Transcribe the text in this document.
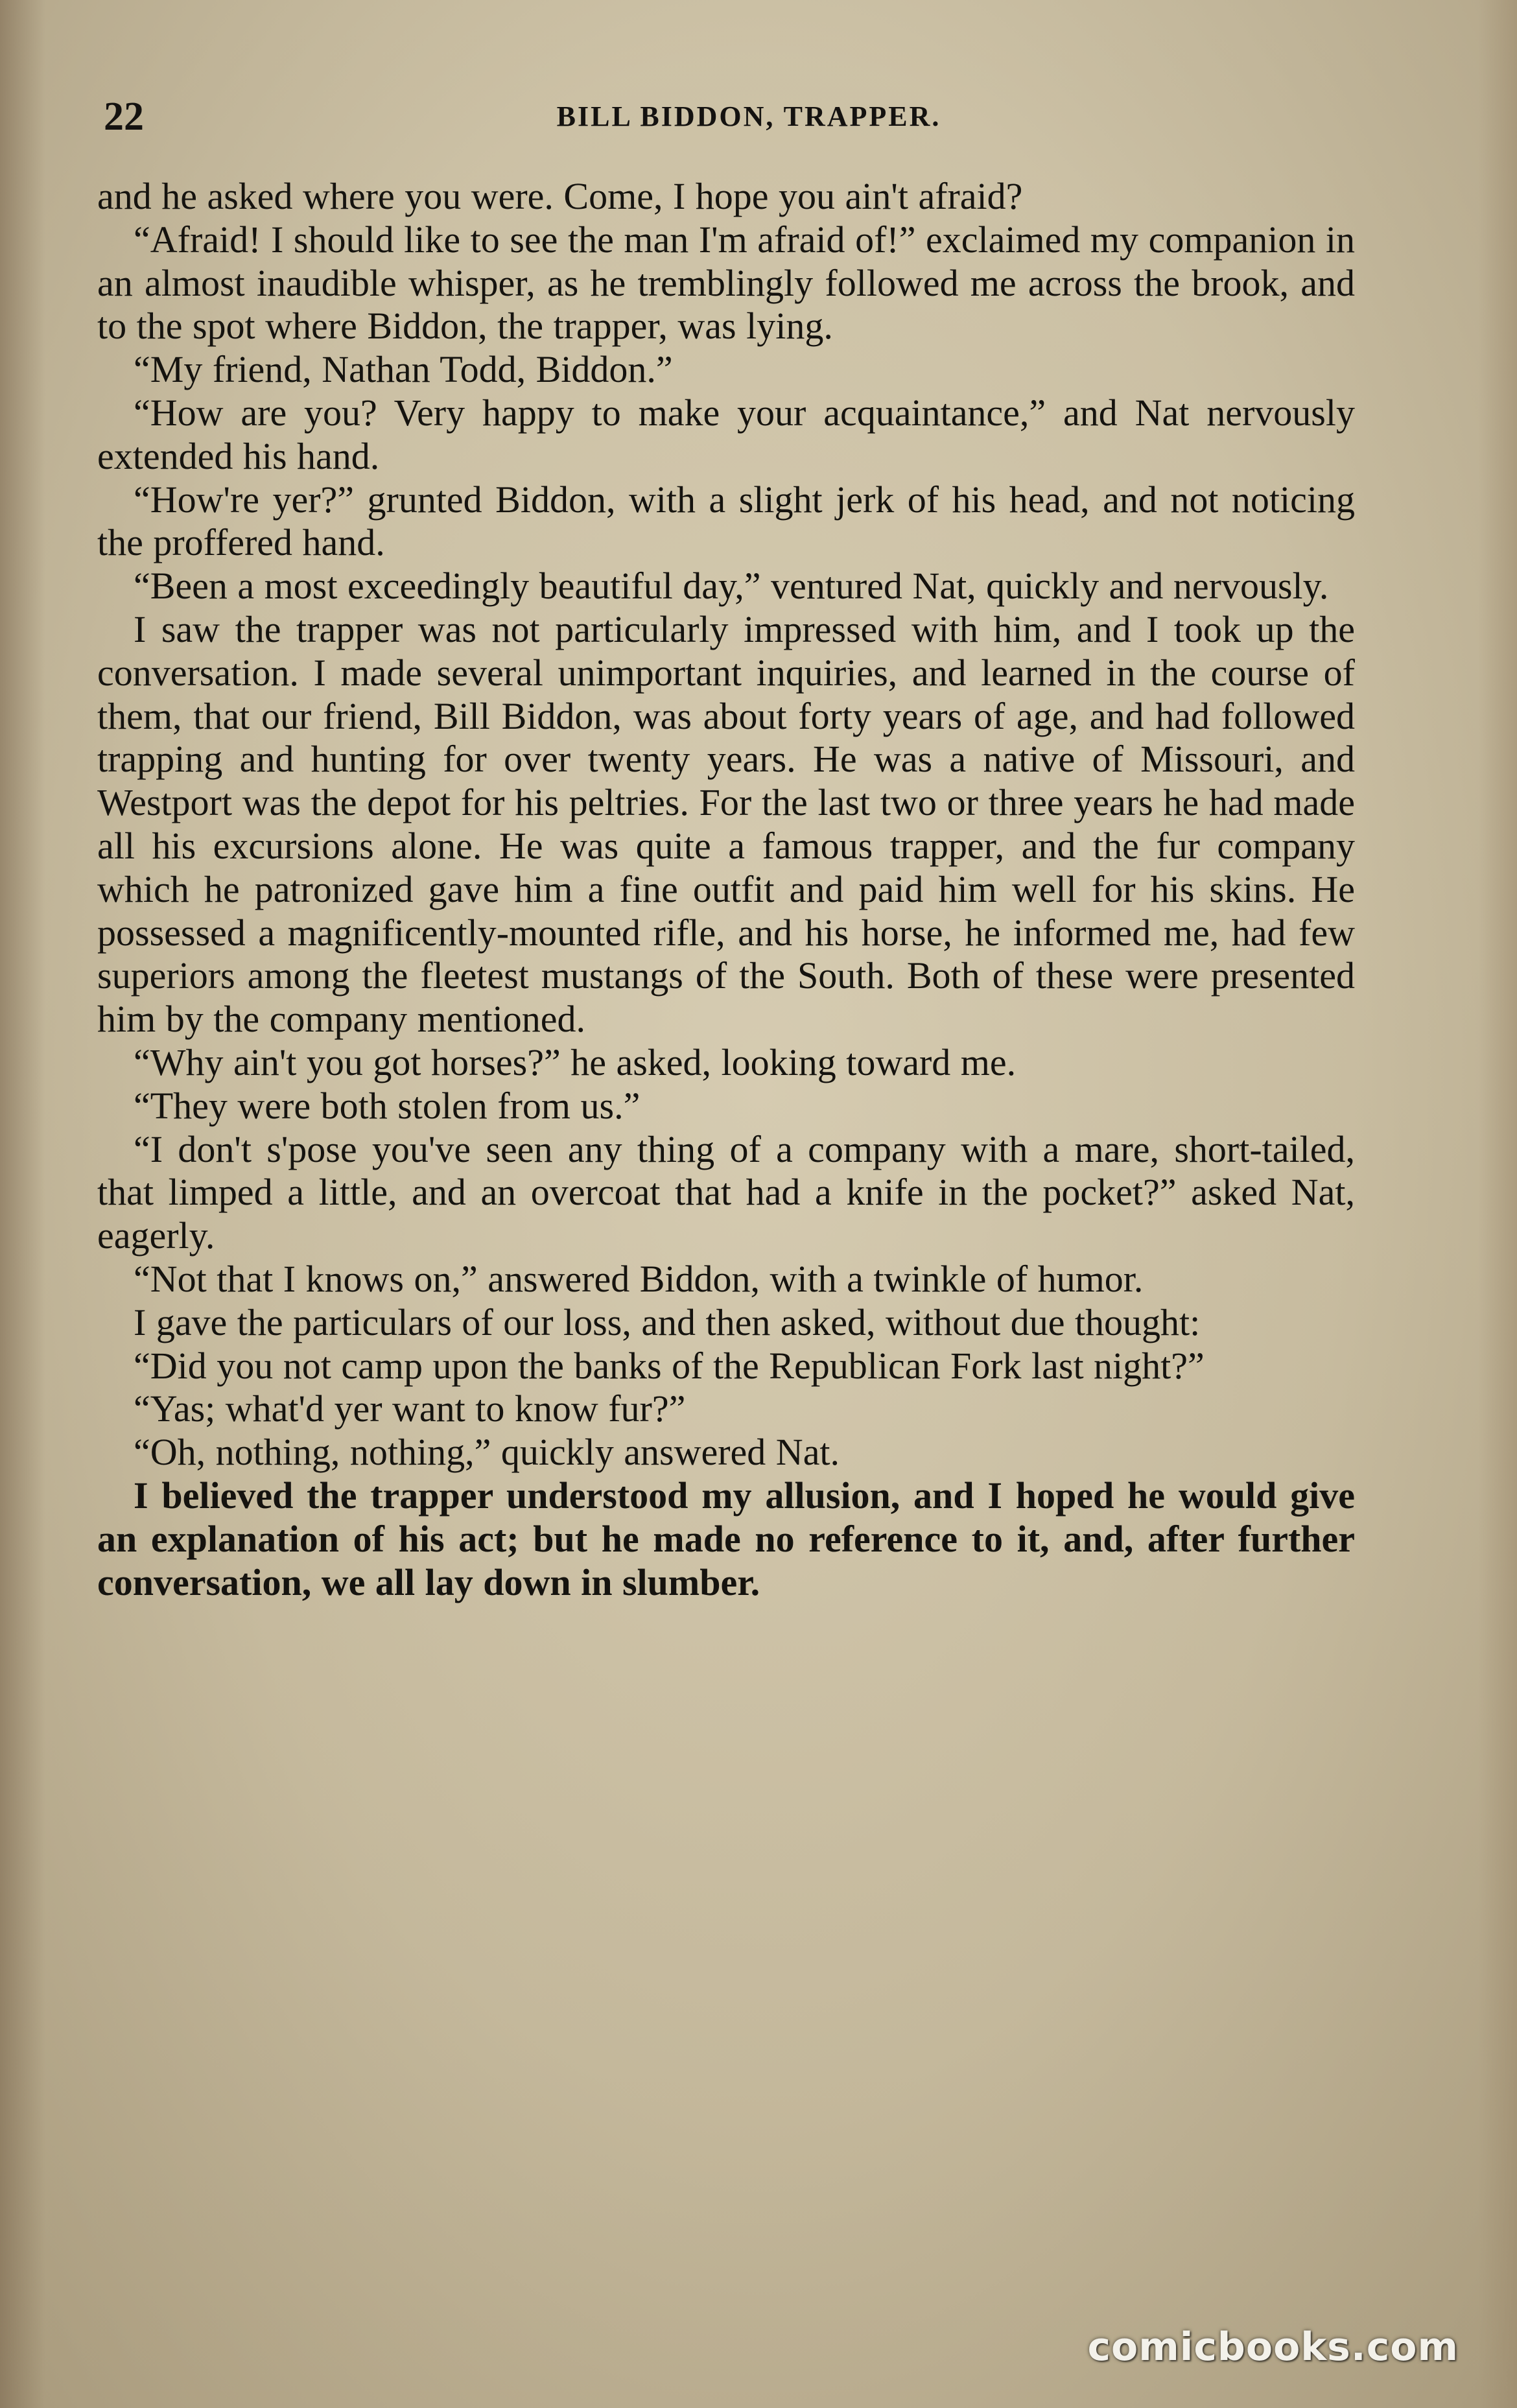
22	BILL BIDDON, TRAPPER.

and he asked where you were. Come, I hope you ain't afraid?

“Afraid! I should like to see the man I'm afraid of!” exclaimed my companion in an almost inaudible whisper, as he tremblingly followed me across the brook, and to the spot where Biddon, the trapper, was lying.

“My friend, Nathan Todd, Biddon.”

“How are you? Very happy to make your acquaintance,” and Nat nervously extended his hand.

“How're yer?” grunted Biddon, with a slight jerk of his head, and not noticing the proffered hand.

“Been a most exceedingly beautiful day,” ventured Nat, quickly and nervously.

I saw the trapper was not particularly impressed with him, and I took up the conversation. I made several unimportant inquiries, and learned in the course of them, that our friend, Bill Biddon, was about forty years of age, and had followed trapping and hunting for over twenty years. He was a native of Missouri, and Westport was the depot for his peltries. For the last two or three years he had made all his excursions alone. He was quite a famous trapper, and the fur company which he patronized gave him a fine outfit and paid him well for his skins. He possessed a magnificently-mounted rifle, and his horse, he informed me, had few superiors among the fleetest mustangs of the South. Both of these were presented him by the company mentioned.

“Why ain't you got horses?” he asked, looking toward me.

“They were both stolen from us.”

“I don't s'pose you've seen any thing of a company with a mare, short-tailed, that limped a little, and an overcoat that had a knife in the pocket?” asked Nat, eagerly.

“Not that I knows on,” answered Biddon, with a twinkle of humor.

I gave the particulars of our loss, and then asked, without due thought:

“Did you not camp upon the banks of the Republican Fork last night?”

“Yas; what'd yer want to know fur?”

“Oh, nothing, nothing,” quickly answered Nat.

I believed the trapper understood my allusion, and I hoped he would give an explanation of his act; but he made no reference to it, and, after further conversation, we all lay down in slumber.

comicbooks.com
